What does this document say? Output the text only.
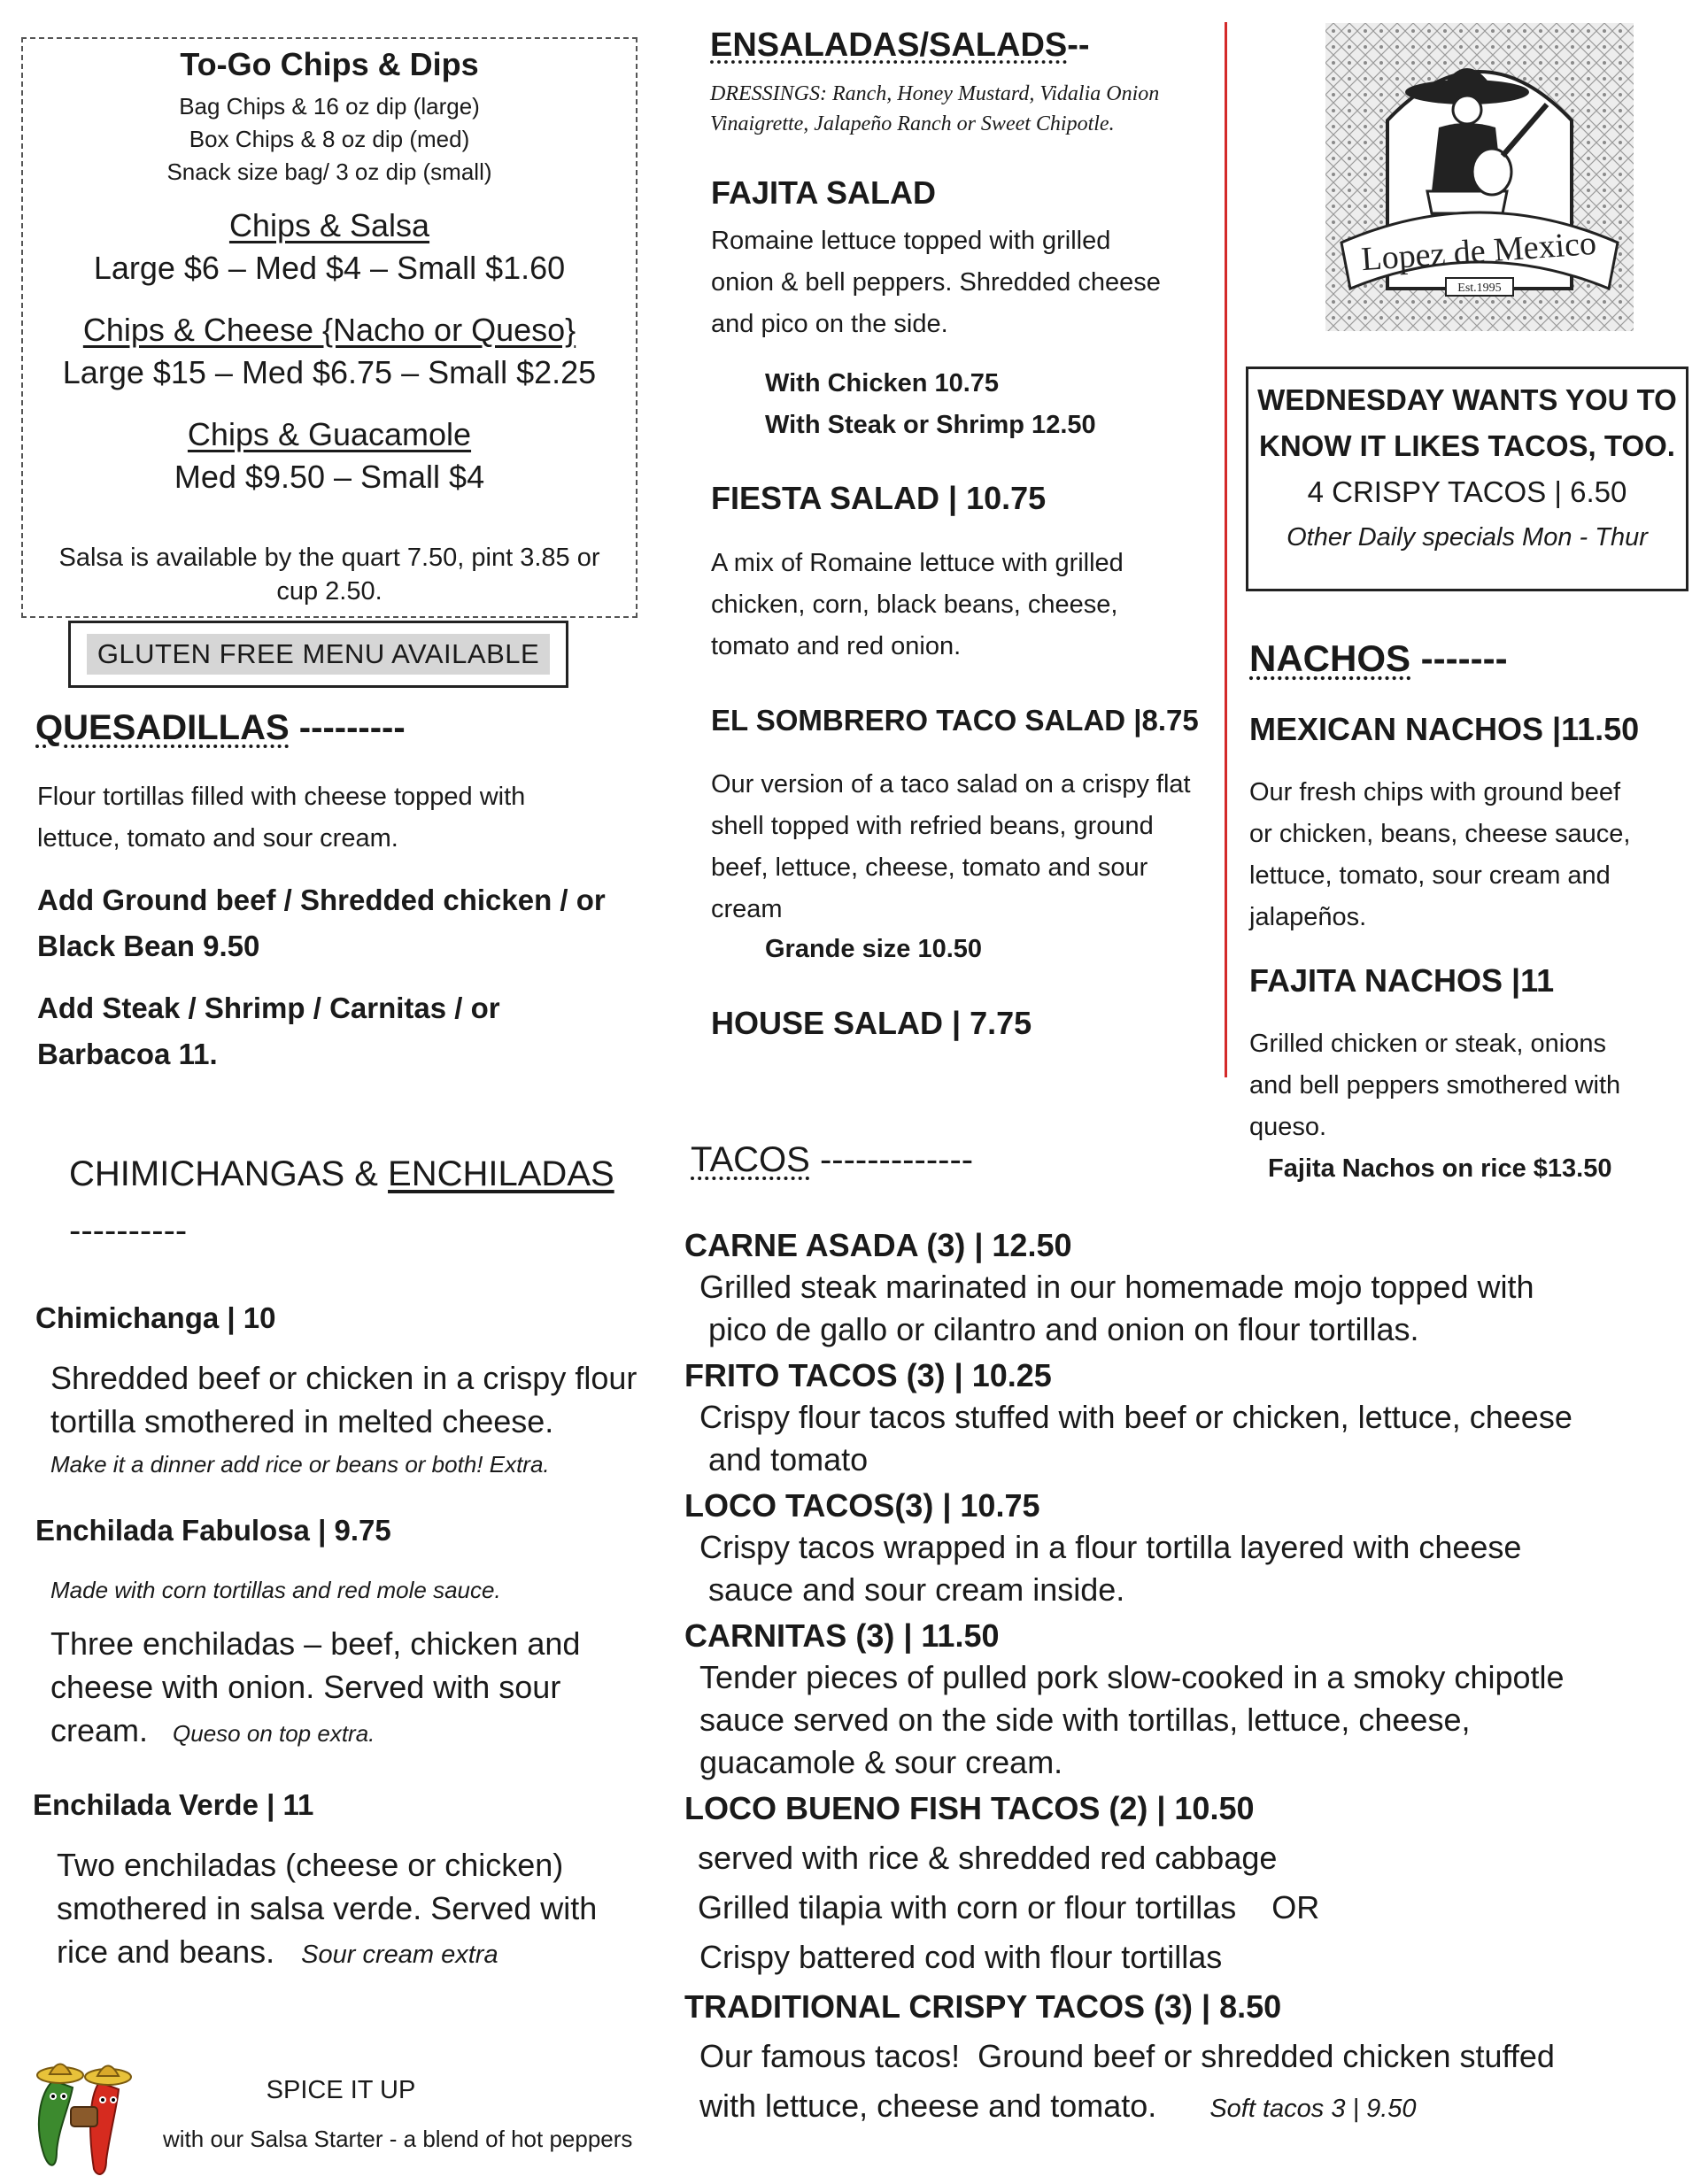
To-Go Chips & Dips
Bag Chips & 16 oz dip (large)
Box Chips & 8 oz dip (med)
Snack size bag/ 3 oz dip (small)
Chips & Salsa
Large $6 – Med $4 – Small $1.60
Chips & Cheese {Nacho or Queso}
Large $15 – Med $6.75 – Small $2.25
Chips & Guacamole
Med $9.50 – Small $4
Salsa is available by the quart 7.50, pint 3.85 or
cup 2.50.
GLUTEN FREE MENU AVAILABLE
QUESADILLAS ---------
Flour tortillas filled with cheese topped with
lettuce, tomato and sour cream.
Add Ground beef / Shredded chicken / or
Black Bean 9.50
Add Steak / Shrimp / Carnitas / or
Barbacoa 11.
CHIMICHANGAS & ENCHILADAS
----------
Chimichanga | 10
Shredded beef or chicken in a crispy flour
tortilla smothered in melted cheese.
Make it a dinner add rice or beans or both! Extra.
Enchilada Fabulosa | 9.75
Made with corn tortillas and red mole sauce.
Three enchiladas – beef, chicken and
cheese with onion. Served with sour
cream. Queso on top extra.
Enchilada Verde | 11
Two enchiladas (cheese or chicken)
smothered in salsa verde. Served with
rice and beans. Sour cream extra
SPICE IT UP
with our Salsa Starter - a blend of hot peppers
ENSALADAS/SALADS--
DRESSINGS: Ranch, Honey Mustard, Vidalia Onion
Vinaigrette, Jalapeño Ranch or Sweet Chipotle.
FAJITA SALAD
Romaine lettuce topped with grilled
onion & bell peppers. Shredded cheese
and pico on the side.
With Chicken 10.75
With Steak or Shrimp 12.50
FIESTA SALAD | 10.75
A mix of Romaine lettuce with grilled
chicken, corn, black beans, cheese,
tomato and red onion.
EL SOMBRERO TACO SALAD |8.75
Our version of a taco salad on a crispy flat
shell topped with refried beans, ground
beef, lettuce, cheese, tomato and sour
cream
Grande size 10.50
HOUSE SALAD | 7.75
TACOS -------------
CARNE ASADA (3) | 12.50
Grilled steak marinated in our homemade mojo topped with
pico de gallo or cilantro and onion on flour tortillas.
FRITO TACOS (3) | 10.25
Crispy flour tacos stuffed with beef or chicken, lettuce, cheese
and tomato
LOCO TACOS(3) | 10.75
Crispy tacos wrapped in a flour tortilla layered with cheese
sauce and sour cream inside.
CARNITAS (3) | 11.50
Tender pieces of pulled pork slow-cooked in a smoky chipotle
sauce served on the side with tortillas, lettuce, cheese,
guacamole & sour cream.
LOCO BUENO FISH TACOS (2) | 10.50
served with rice & shredded red cabbage
Grilled tilapia with corn or flour tortillas    OR
Crispy battered cod with flour tortillas
TRADITIONAL CRISPY TACOS (3) | 8.50
Our famous tacos!  Ground beef or shredded chicken stuffed
with lettuce, cheese and tomato. Soft tacos 3 | 9.50
Lopez de Mexico
Est.1995
WEDNESDAY WANTS YOU TO
KNOW IT LIKES TACOS, TOO.
4 CRISPY TACOS | 6.50
Other Daily specials Mon - Thur
NACHOS -------
MEXICAN NACHOS |11.50
Our fresh chips with ground beef
or chicken, beans, cheese sauce,
lettuce, tomato, sour cream and
jalapeños.
FAJITA NACHOS |11
Grilled chicken or steak, onions
and bell peppers smothered with
queso.
Fajita Nachos on rice $13.50
